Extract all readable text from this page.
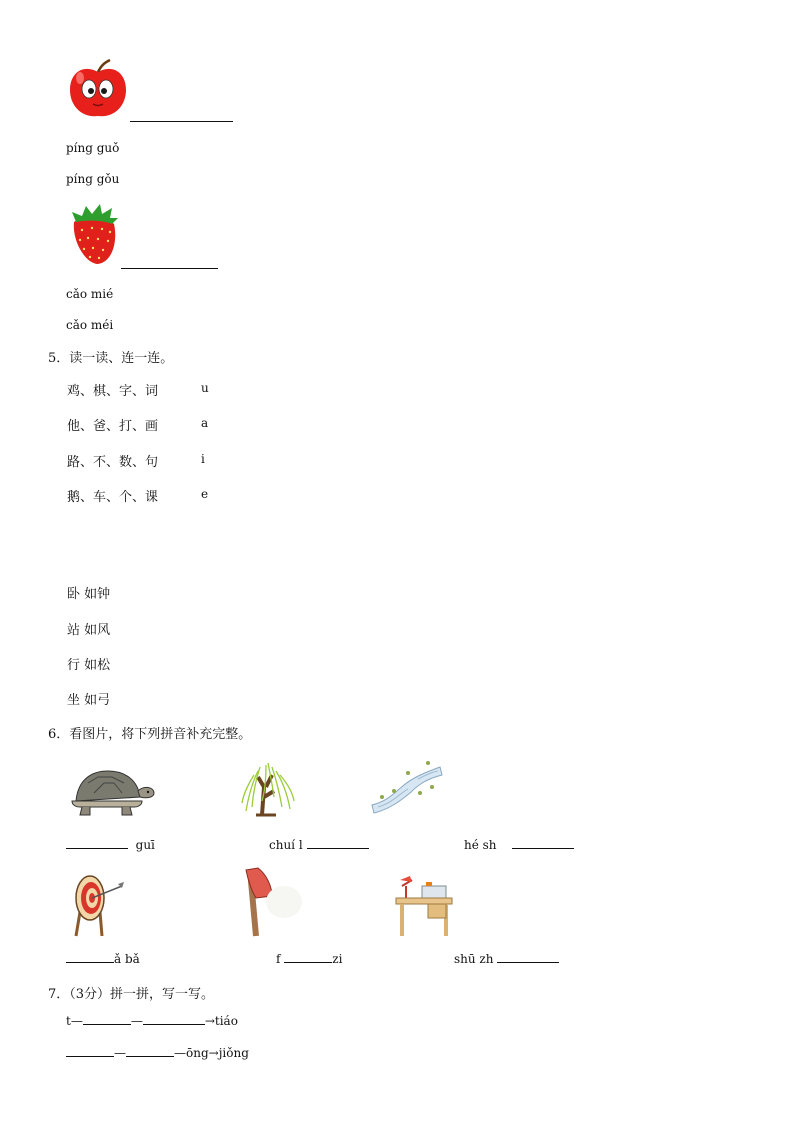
píng guǒ
píng gǒu
cǎo mié
cǎo méi
5．读一读、连一连。
鸡、棋、字、词	u
他、爸、打、画	a
路、不、数、句	i
鹅、车、个、课	e
卧 如钟
站 如风
行 如松
坐 如弓
6．看图片，将下列拼音补充完整。
guī	chuí l	hé sh
ǎ bǎ	f	zi	shū zh
7．（3分）拼一拼，写一写。
t—	—	→tiáo
—	—ōng→jiǒng
